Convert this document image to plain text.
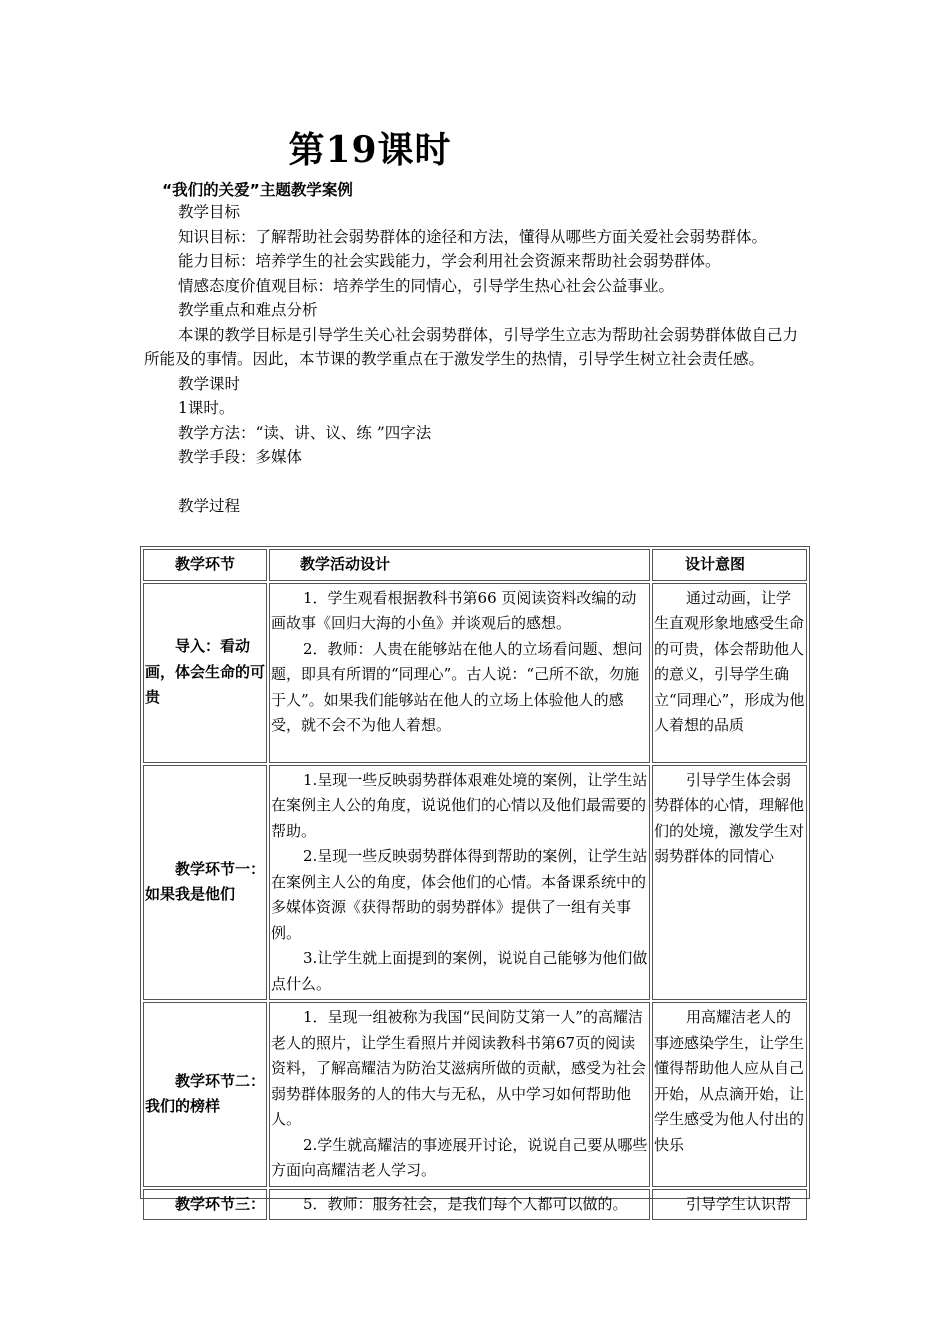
第19课时

“我们的关爱”主题教学案例

教学目标

知识目标：了解帮助社会弱势群体的途径和方法，懂得从哪些方面关爱社会弱势群体。

能力目标：培养学生的社会实践能力，学会利用社会资源来帮助社会弱势群体。

情感态度价值观目标：培养学生的同情心，引导学生热心社会公益事业。

教学重点和难点分析

本课的教学目标是引导学生关心社会弱势群体，引导学生立志为帮助社会弱势群体做自己力所能及的事情。因此，本节课的教学重点在于激发学生的热情，引导学生树立社会责任感。

教学课时

1课时。

教学方法：“读、讲、议、练 ”四字法

教学手段：多媒体

教学过程

教学环节	教学活动设计	设计意图

导入：看动画，体会生命的可贵	1．学生观看根据教科书第66 页阅读资料改编的动画故事《回归大海的小鱼》并谈观后的感想。

2．教师：人贵在能够站在他人的立场看问题、想问题，即具有所谓的“同理心”。古人说：“己所不欲，勿施于人”。如果我们能够站在他人的立场上体验他人的感受，就不会不为他人着想。	通过动画，让学生直观形象地感受生命的可贵，体会帮助他人的意义，引导学生确立“同理心”，形成为他人着想的品质

教学环节一：如果我是他们	1.呈现一些反映弱势群体艰难处境的案例，让学生站在案例主人公的角度，说说他们的心情以及他们最需要的帮助。

2.呈现一些反映弱势群体得到帮助的案例，让学生站在案例主人公的角度，体会他们的心情。本备课系统中的多媒体资源《获得帮助的弱势群体》提供了一组有关事例。

3.让学生就上面提到的案例，说说自己能够为他们做点什么。	引导学生体会弱势群体的心情，理解他们的处境，激发学生对弱势群体的同情心

教学环节二：我们的榜样	1．呈现一组被称为我国“民间防艾第一人”的高耀洁老人的照片，让学生看照片并阅读教科书第67页的阅读资料，了解高耀洁为防治艾滋病所做的贡献，感受为社会弱势群体服务的人的伟大与无私，从中学习如何帮助他人。

2.学生就高耀洁的事迹展开讨论，说说自己要从哪些方面向高耀洁老人学习。	用高耀洁老人的事迹感染学生，让学生懂得帮助他人应从自己开始，从点滴开始，让学生感受为他人付出的快乐

教学环节三：	5．教师：服务社会，是我们每个人都可以做的。	引导学生认识帮
